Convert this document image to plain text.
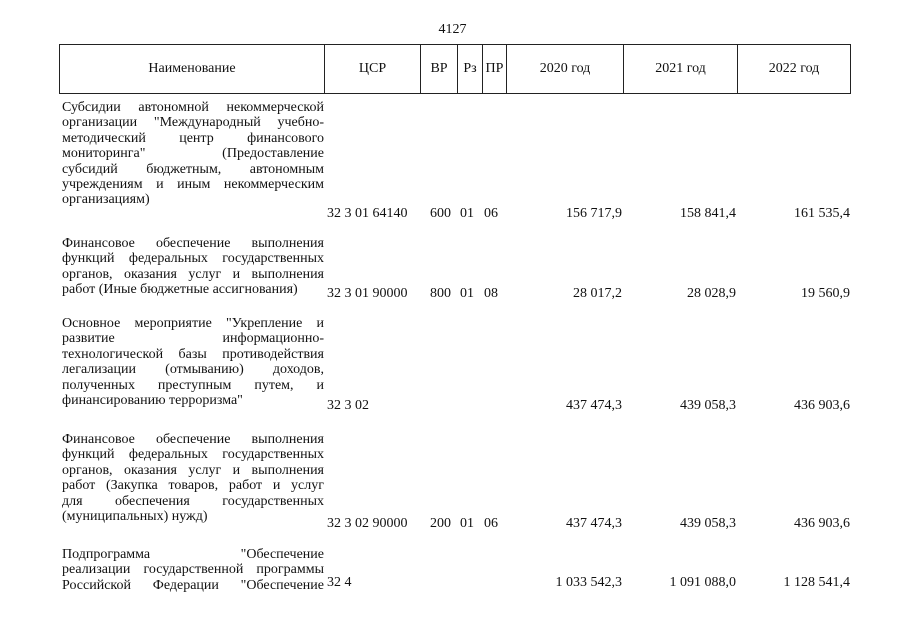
4127
Наименование	ЦСР	ВР	Рз ПР	2020 год	2021 год	2022 год
Субсидии автономной некоммерческой
организации "Международный учебно-
методический центр финансового
мониторинга" (Предоставление
субсидий бюджетным, автономным
учреждениям и иным некоммерческим
организациям)
32 3 01 64140 600 01 06	156 717,9	158 841,4	161 535,4
Финансовое обеспечение выполнения
функций федеральных государственных
органов, оказания услуг и выполнения
работ (Иные бюджетные ассигнования)	32 3 01 90000 800 01 08	28 017,2	28 028,9	19 560,9
Основное мероприятие "Укрепление и
развитие информационно-
технологической базы противодействия
легализации (отмыванию) доходов,
полученных преступным путем, и
финансированию терроризма"	32 3 02	437 474,3	439 058,3	436 903,6
Финансовое обеспечение выполнения
функций федеральных государственных
органов, оказания услуг и выполнения
работ (Закупка товаров, работ и услуг
для обеспечения государственных
(муниципальных) нужд)	32 3 02 90000 200 01 06	437 474,3	439 058,3	436 903,6
Подпрограмма "Обеспечение
реализации государственной программы
Российской Федерации "Обеспечение 32 4	1 033 542,3	1 091 088,0	1 128 541,4
